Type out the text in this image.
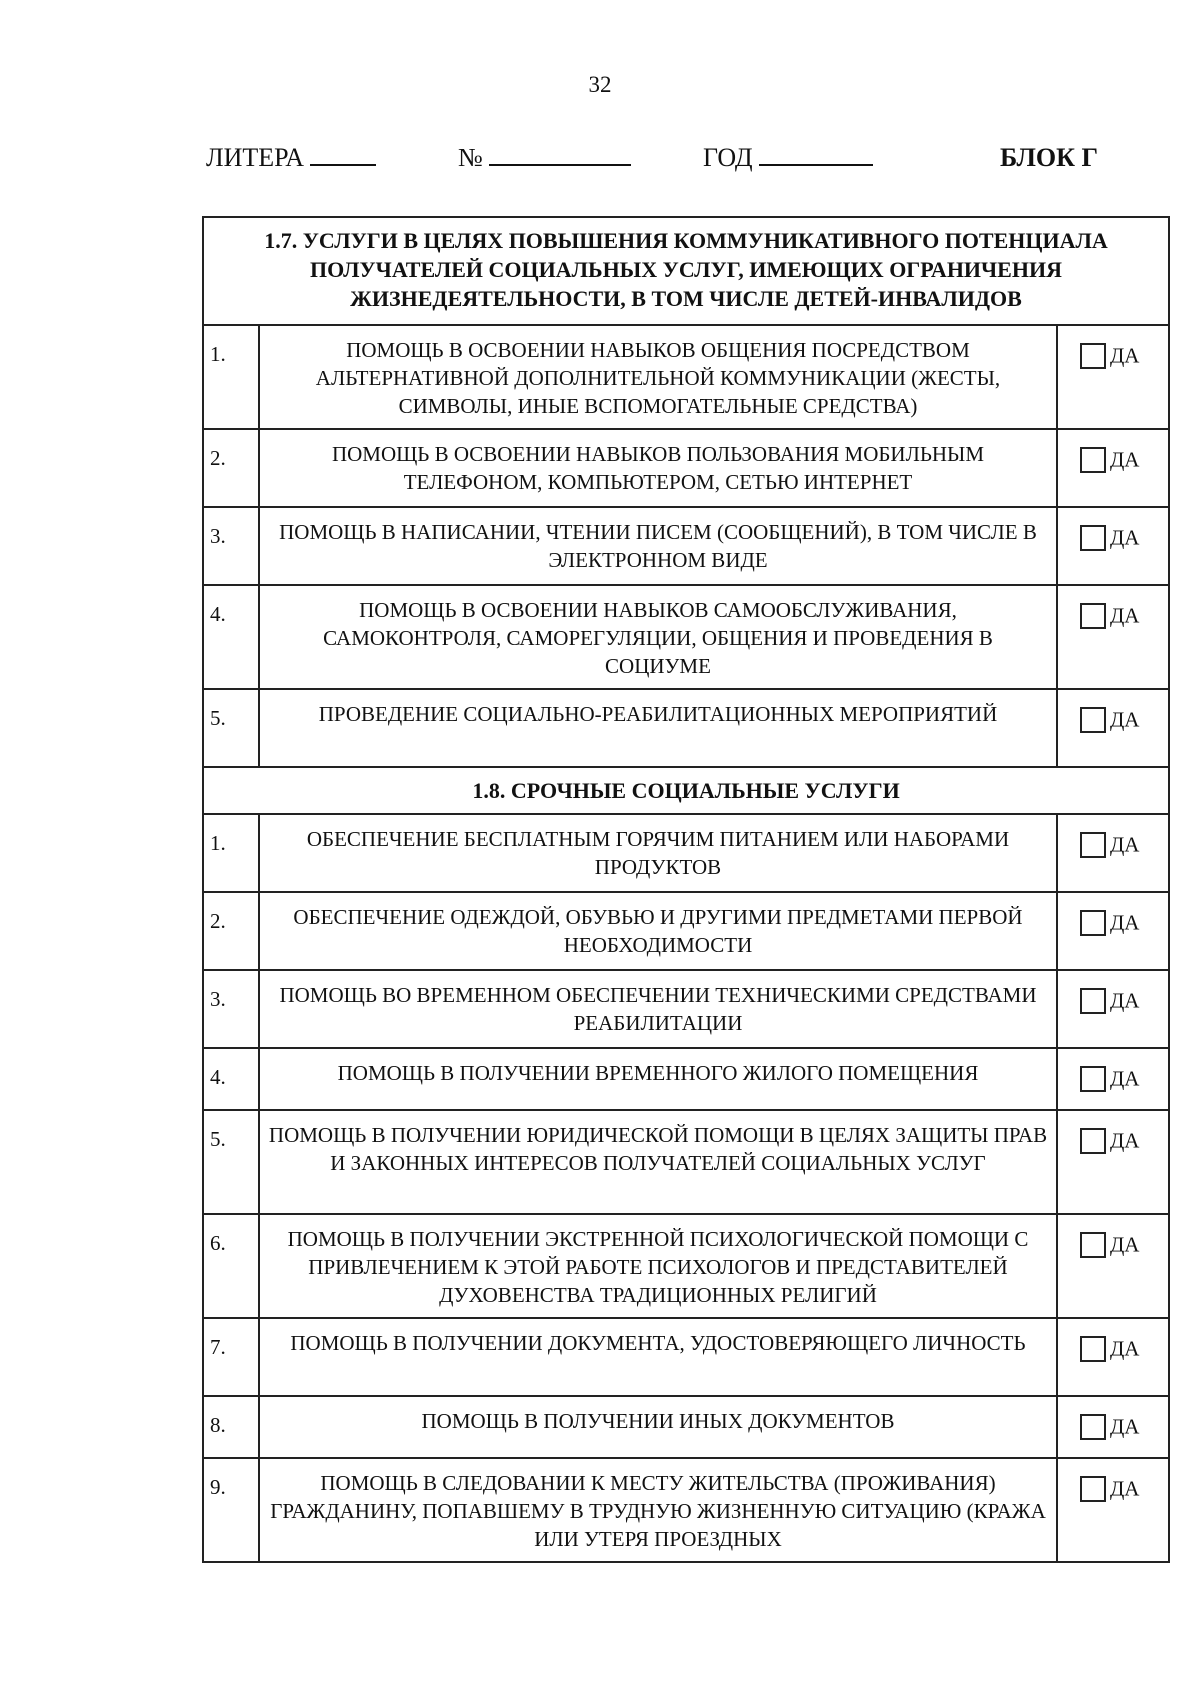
32
ЛИТЕРА	№	ГОД	БЛОК Г
1.7. УСЛУГИ В ЦЕЛЯХ ПОВЫШЕНИЯ КОММУНИКАТИВНОГО ПОТЕНЦИАЛА ПОЛУЧАТЕЛЕЙ СОЦИАЛЬНЫХ УСЛУГ, ИМЕЮЩИХ ОГРАНИЧЕНИЯ ЖИЗНЕДЕЯТЕЛЬНОСТИ, В ТОМ ЧИСЛЕ ДЕТЕЙ-ИНВАЛИДОВ		
1.	ПОМОЩЬ В ОСВОЕНИИ НАВЫКОВ ОБЩЕНИЯ ПОСРЕДСТВОМ АЛЬТЕРНАТИВНОЙ ДОПОЛНИТЕЛЬНОЙ КОММУНИКАЦИИ (ЖЕСТЫ, СИМВОЛЫ, ИНЫЕ ВСПОМОГАТЕЛЬНЫЕ СРЕДСТВА)	ДА
2.	ПОМОЩЬ В ОСВОЕНИИ НАВЫКОВ ПОЛЬЗОВАНИЯ МОБИЛЬНЫМ ТЕЛЕФОНОМ, КОМПЬЮТЕРОМ, СЕТЬЮ ИНТЕРНЕТ	ДА
3.	ПОМОЩЬ В НАПИСАНИИ, ЧТЕНИИ ПИСЕМ (СООБЩЕНИЙ), В ТОМ ЧИСЛЕ В ЭЛЕКТРОННОМ ВИДЕ	ДА
4.	ПОМОЩЬ В ОСВОЕНИИ НАВЫКОВ САМООБСЛУЖИВАНИЯ, САМОКОНТРОЛЯ, САМОРЕГУЛЯЦИИ, ОБЩЕНИЯ И ПРОВЕДЕНИЯ В СОЦИУМЕ	ДА
5.	ПРОВЕДЕНИЕ СОЦИАЛЬНО-РЕАБИЛИТАЦИОННЫХ МЕРОПРИЯТИЙ	ДА
1.8. СРОЧНЫЕ СОЦИАЛЬНЫЕ УСЛУГИ		
1.	ОБЕСПЕЧЕНИЕ БЕСПЛАТНЫМ ГОРЯЧИМ ПИТАНИЕМ ИЛИ НАБОРАМИ ПРОДУКТОВ	ДА
2.	ОБЕСПЕЧЕНИЕ ОДЕЖДОЙ, ОБУВЬЮ И ДРУГИМИ ПРЕДМЕТАМИ ПЕРВОЙ НЕОБХОДИМОСТИ	ДА
3.	ПОМОЩЬ ВО ВРЕМЕННОМ ОБЕСПЕЧЕНИИ ТЕХНИЧЕСКИМИ СРЕДСТВАМИ РЕАБИЛИТАЦИИ	ДА
4.	ПОМОЩЬ В ПОЛУЧЕНИИ ВРЕМЕННОГО ЖИЛОГО ПОМЕЩЕНИЯ	ДА
5.	ПОМОЩЬ В ПОЛУЧЕНИИ ЮРИДИЧЕСКОЙ ПОМОЩИ В ЦЕЛЯХ ЗАЩИТЫ ПРАВ И ЗАКОННЫХ ИНТЕРЕСОВ ПОЛУЧАТЕЛЕЙ СОЦИАЛЬНЫХ УСЛУГ	ДА
6.	ПОМОЩЬ В ПОЛУЧЕНИИ ЭКСТРЕННОЙ ПСИХОЛОГИЧЕСКОЙ ПОМОЩИ С ПРИВЛЕЧЕНИЕМ К ЭТОЙ РАБОТЕ ПСИХОЛОГОВ И ПРЕДСТАВИТЕЛЕЙ ДУХОВЕНСТВА ТРАДИЦИОННЫХ РЕЛИГИЙ	ДА
7.	ПОМОЩЬ В ПОЛУЧЕНИИ ДОКУМЕНТА, УДОСТОВЕРЯЮЩЕГО ЛИЧНОСТЬ	ДА
8.	ПОМОЩЬ В ПОЛУЧЕНИИ ИНЫХ ДОКУМЕНТОВ	ДА
9.	ПОМОЩЬ В СЛЕДОВАНИИ К МЕСТУ ЖИТЕЛЬСТВА (ПРОЖИВАНИЯ) ГРАЖДАНИНУ, ПОПАВШЕМУ В ТРУДНУЮ ЖИЗНЕННУЮ СИТУАЦИЮ (КРАЖА ИЛИ УТЕРЯ ПРОЕЗДНЫХ	ДА
